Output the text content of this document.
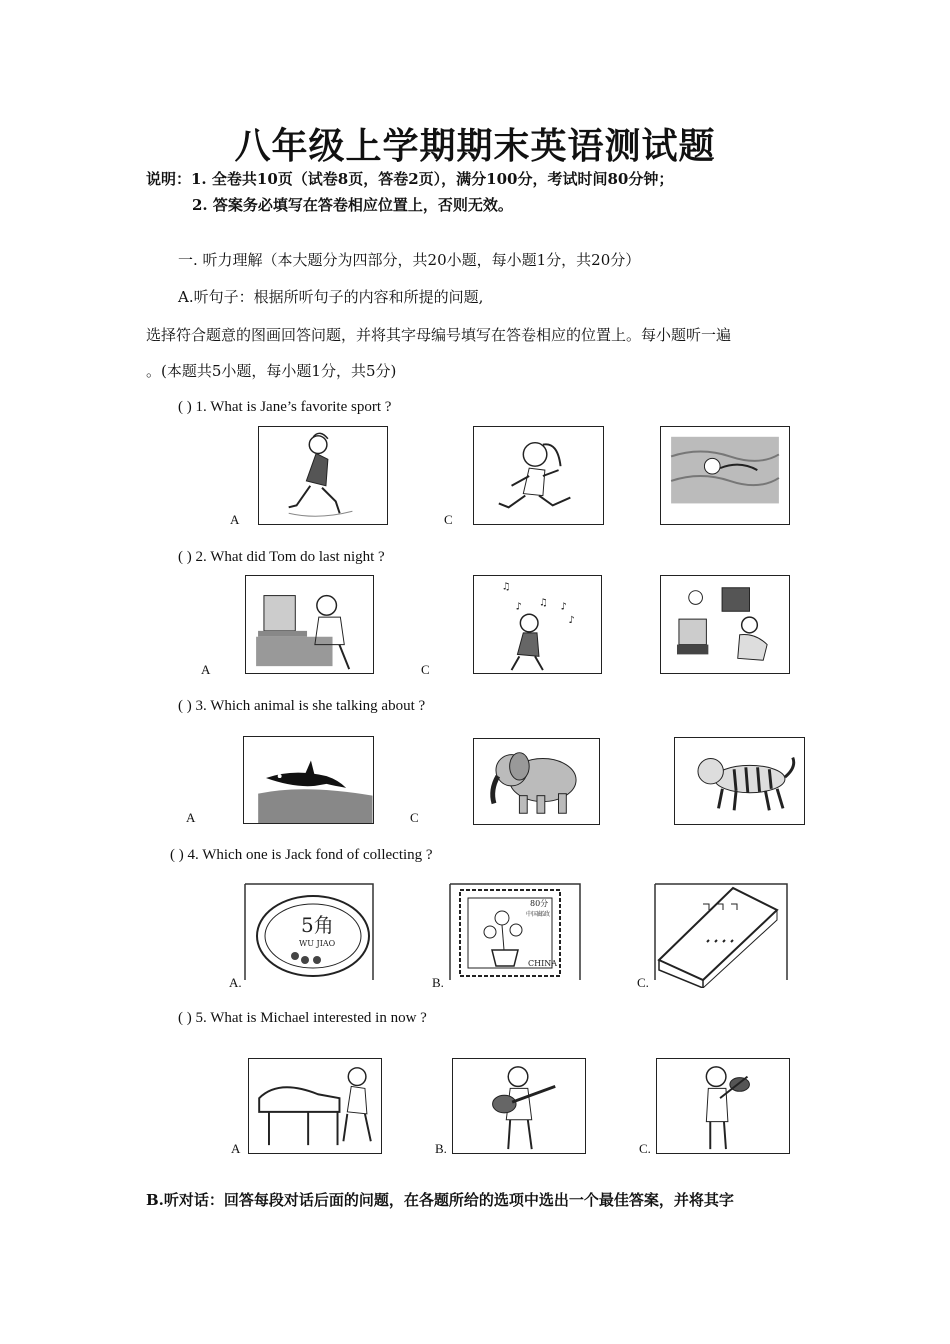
八年级上学期期末英语测试题
说明：1. 全卷共10页（试卷8页，答卷2页），满分100分，考试时间80分钟；
2. 答案务必填写在答卷相应位置上，否则无效。
一. 听力理解（本大题分为四部分，共20小题，每小题1分，共20分）
A.听句子：根据所听句子的内容和所提的问题,
选择符合题意的图画回答问题，并将其字母编号填写在答卷相应的位置上。每小题听一遍
。(本题共5小题，每小题1分，共5分)
( ) 1. What is Jane’s favorite sport ?
A	C
( ) 2. What did Tom do last night ?
A
♫
♪ ♫ ♪
♪
C
( ) 3. Which animal is she talking about ?
A	C
( ) 4. Which one is Jack fond of collecting ?
5角
WU JIAO
A.
80分
中国邮政
CHINA
B.	C.
( ) 5. What is Michael interested in now ?
A	B.	C.
B.听对话：回答每段对话后面的问题，在各题所给的选项中选出一个最佳答案，并将其字
